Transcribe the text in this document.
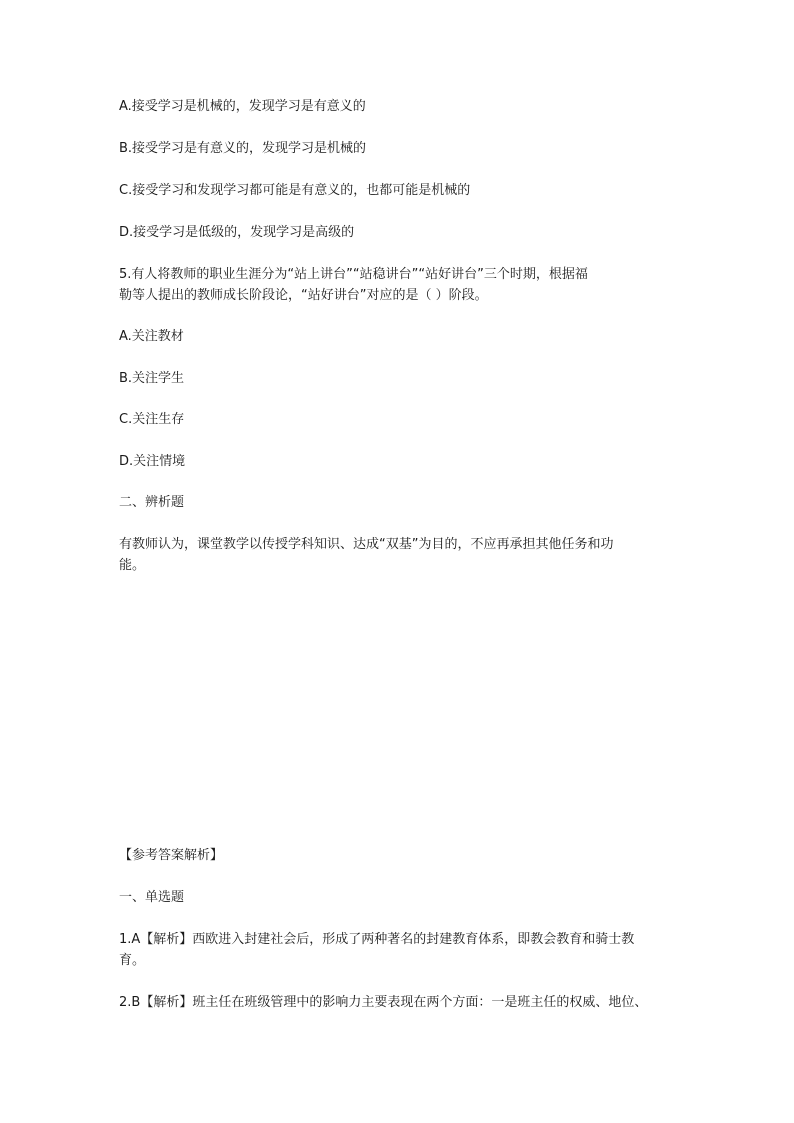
A.接受学习是机械的，发现学习是有意义的
B.接受学习是有意义的，发现学习是机械的
C.接受学习和发现学习都可能是有意义的，也都可能是机械的
D.接受学习是低级的，发现学习是高级的
5.有人将教师的职业生涯分为“站上讲台”“站稳讲台”“站好讲台”三个时期，根据福
勒等人提出的教师成长阶段论，“站好讲台”对应的是（ ）阶段。
A.关注教材
B.关注学生
C.关注生存
D.关注情境
二、辨析题
有教师认为，课堂教学以传授学科知识、达成“双基”为目的，不应再承担其他任务和功
能。
【参考答案解析】
一、单选题
1.A【解析】西欧进入封建社会后，形成了两种著名的封建教育体系，即教会教育和骑士教
育。
2.B【解析】班主任在班级管理中的影响力主要表现在两个方面：一是班主任的权威、地位、
